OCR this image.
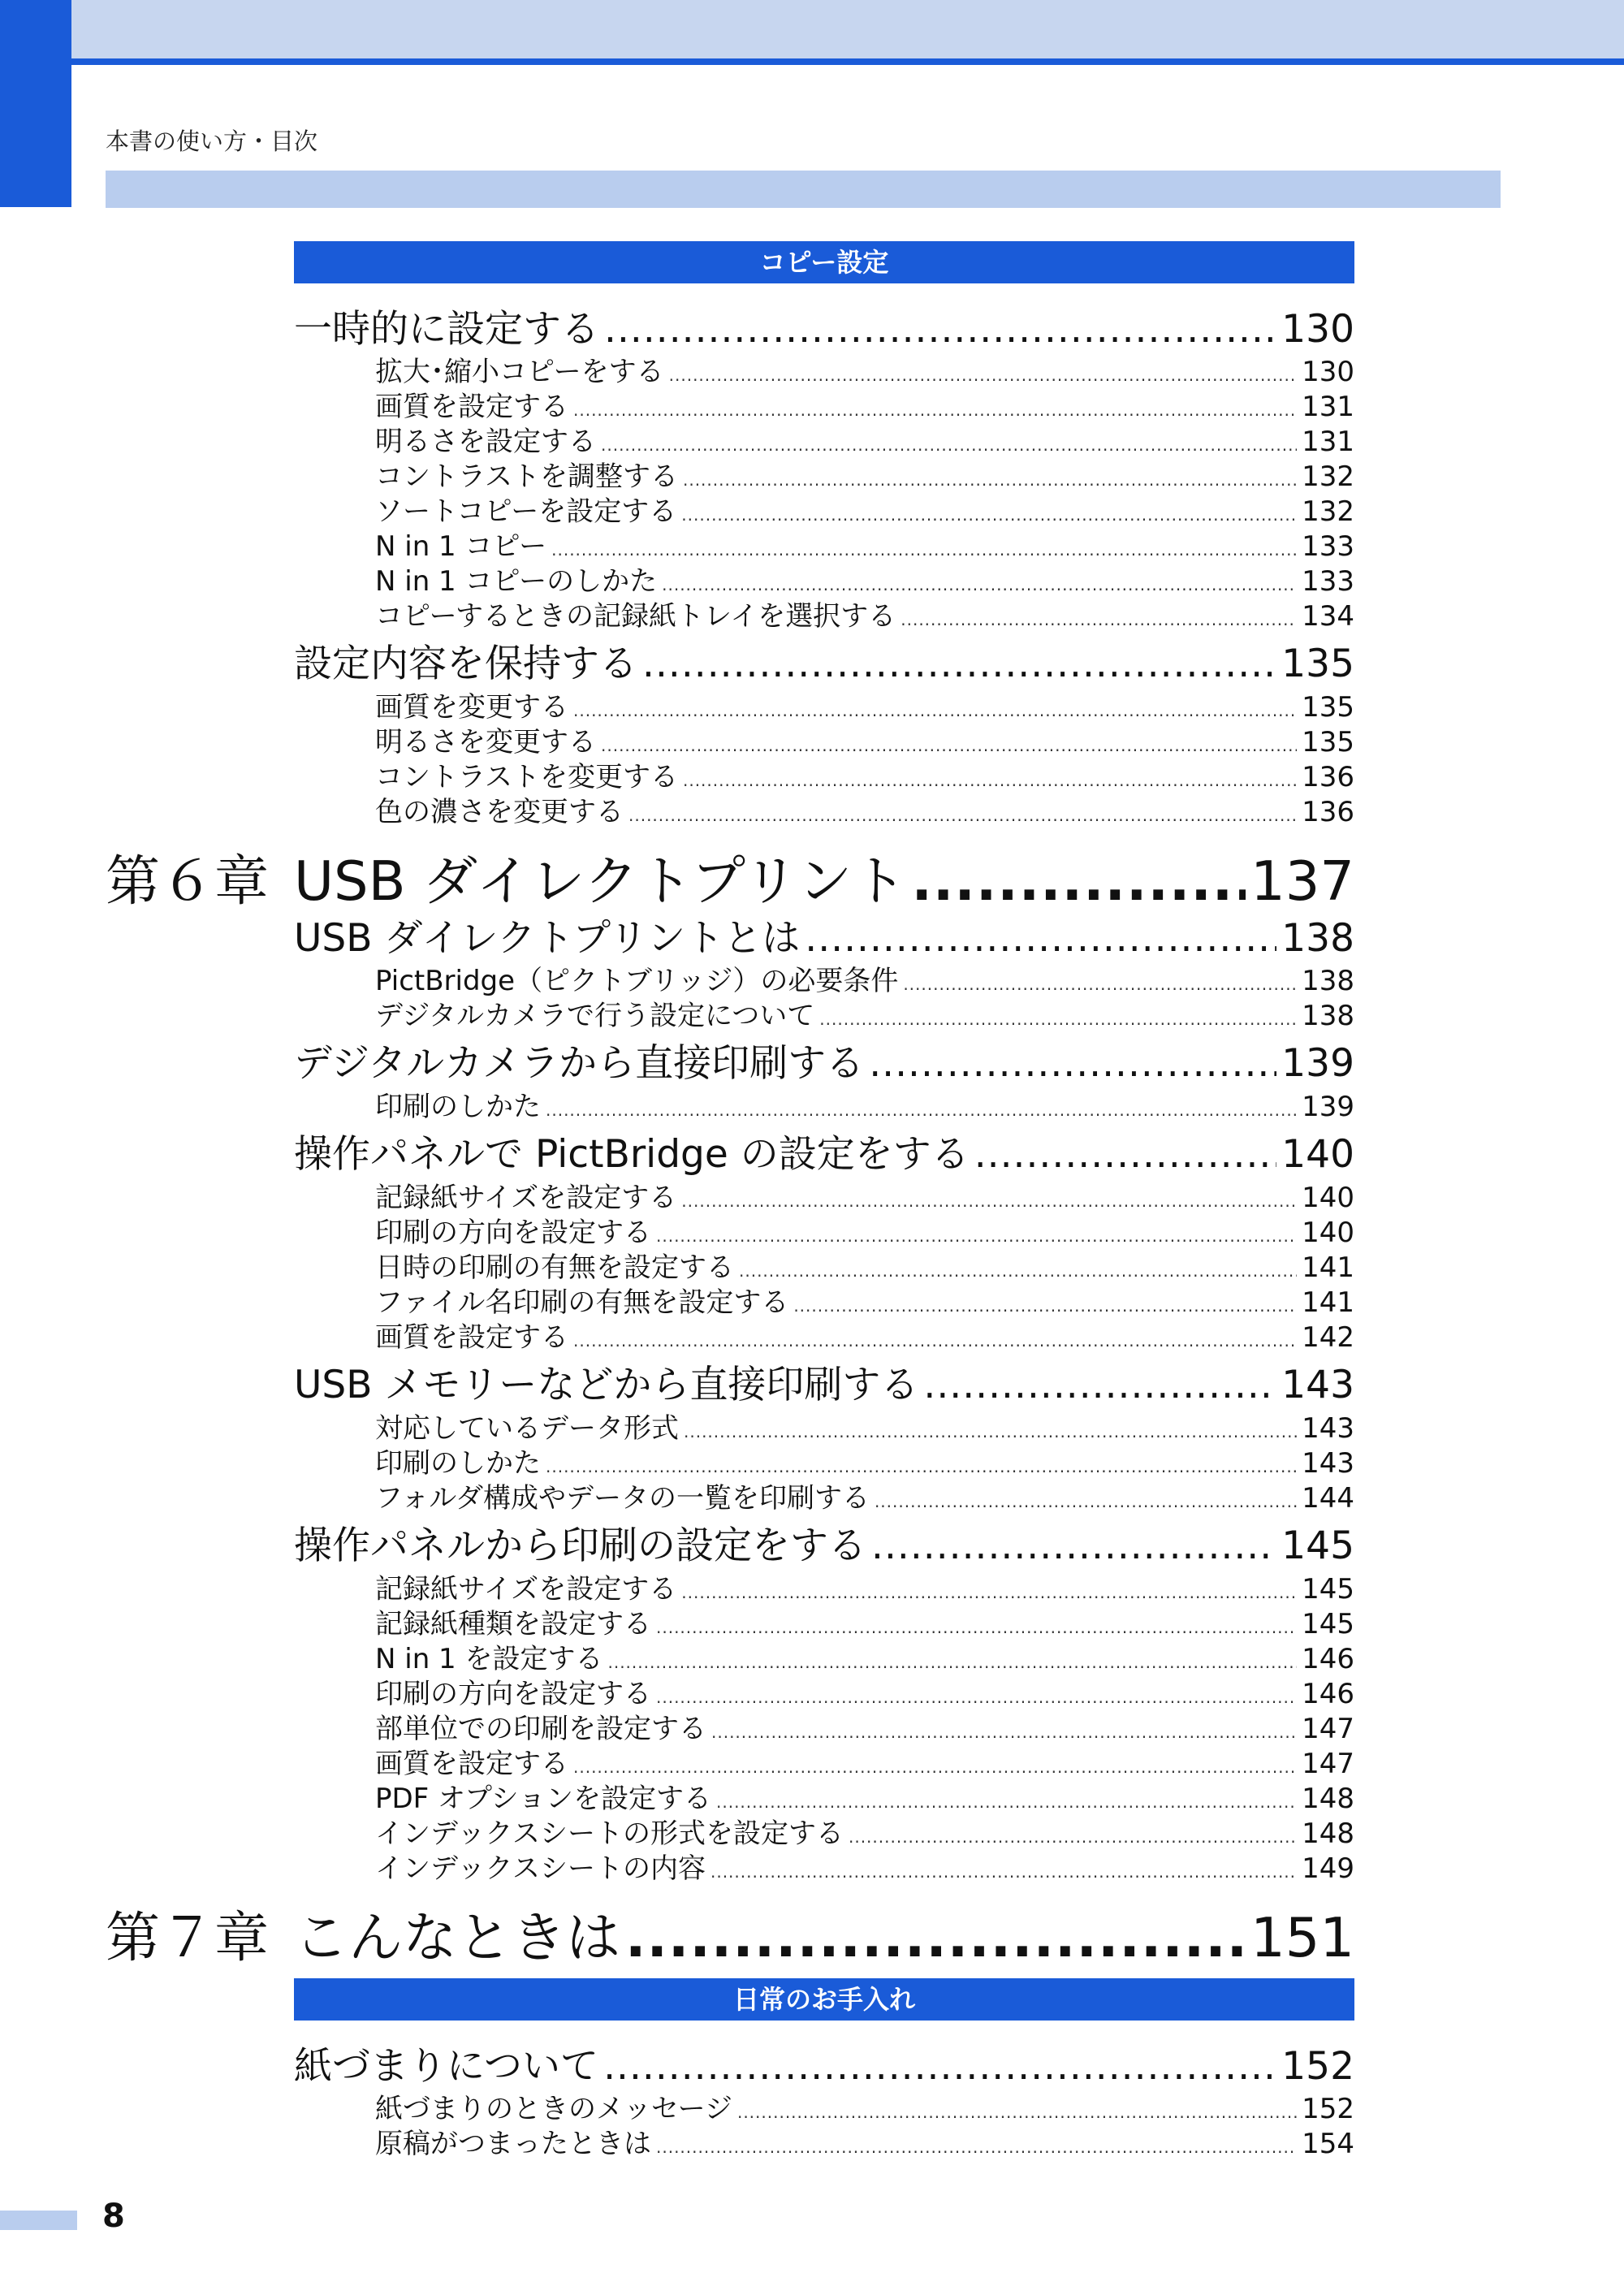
本書の使い方・目次
コピー設定
一時的に設定する .....	130
拡大･縮小コピーをする .....	130
画質を設定する .....	131
明るさを設定する .....	131
コントラストを調整する .....	132
ソートコピーを設定する .....	132
N in 1 コピー .....	133
N in 1 コピーのしかた .....	133
コピーするときの記録紙トレイを選択する .....	134
設定内容を保持する .....	135
画質を変更する .....	135
明るさを変更する .....	135
コントラストを変更する .....	136
色の濃さを変更する .....	136
第６章 USB ダイレクトプリント .....	137
USB ダイレクトプリントとは .....	138
PictBridge（ピクトブリッジ）の必要条件 .....	138
デジタルカメラで行う設定について .....	138
デジタルカメラから直接印刷する .....	139
印刷のしかた .....	139
操作パネルで PictBridge の設定をする .....	140
記録紙サイズを設定する .....	140
印刷の方向を設定する .....	140
日時の印刷の有無を設定する .....	141
ファイル名印刷の有無を設定する .....	141
画質を設定する .....	142
USB メモリーなどから直接印刷する .....	143
対応しているデータ形式 .....	143
印刷のしかた .....	143
フォルダ構成やデータの一覧を印刷する .....	144
操作パネルから印刷の設定をする .....	145
記録紙サイズを設定する .....	145
記録紙種類を設定する .....	145
N in 1 を設定する .....	146
印刷の方向を設定する .....	146
部単位での印刷を設定する .....	147
画質を設定する .....	147
PDF オプションを設定する .....	148
インデックスシートの形式を設定する .....	148
インデックスシートの内容 .....	149
第７章 こんなときは .....	151
日常のお手入れ
紙づまりについて .....	152
紙づまりのときのメッセージ .....	152
原稿がつまったときは .....	154
8
